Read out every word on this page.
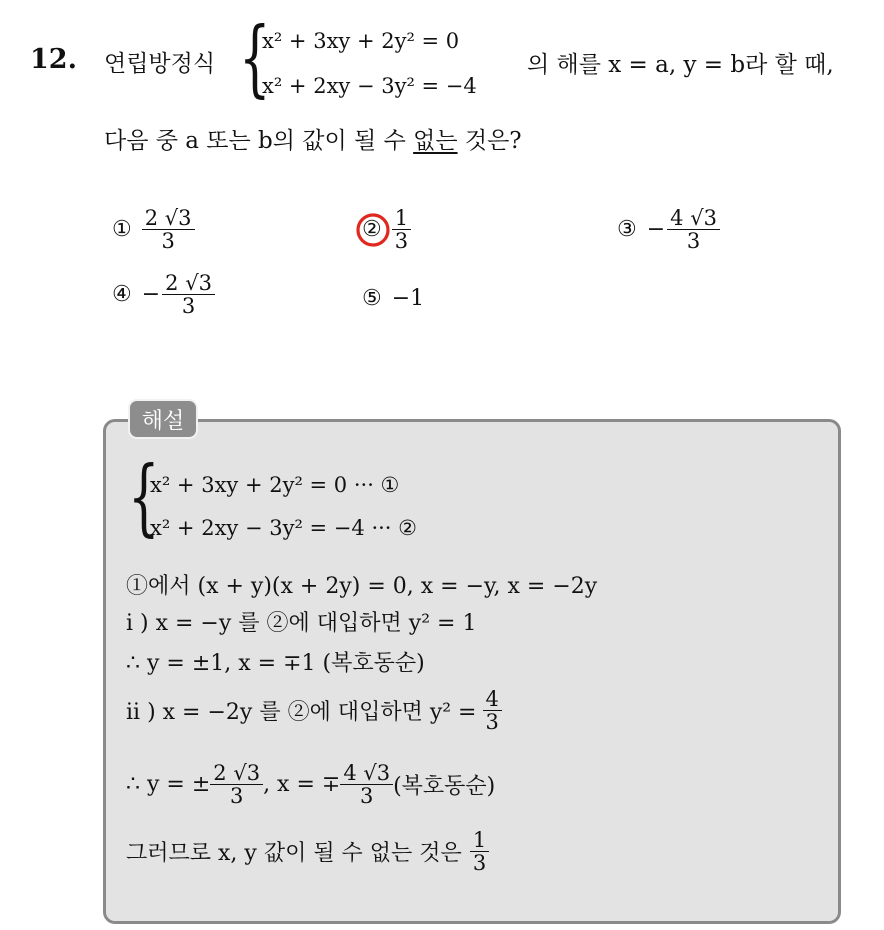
12. 연립방정식 {
x² + 3xy + 2y² = 0
x² + 2xy − 3y² = −4
의 해를 x = a, y = b라 할 때,
다음 중 a 또는 b의 값이 될 수 없는 것은?
① $\frac{2 √3}{3}$	② $\frac{1}{3}$	③ − $\frac{4 √3}{3}$
④ − $\frac{2 √3}{3}$	⑤ −1
해설
{
x² + 3xy + 2y² = 0 ··· ①
x² + 2xy − 3y² = −4 ··· ②
①에서 (x + y)(x + 2y) = 0, x = −y, x = −2y
i ) x = −y 를 ②에 대입하면 y² = 1
∴ y = ±1, x = ∓1 (복호동순)
ii ) x = −2y 를 ②에 대입하면 $y^2 = \frac{4}{3}$
∴ y = ± $\frac{2 √3}{3}$ , x = ∓ $\frac{4 √3}{3}$ (복호동순)
그러므로 x, y 값이 될 수 없는 것은 $\frac{1}{3}$
